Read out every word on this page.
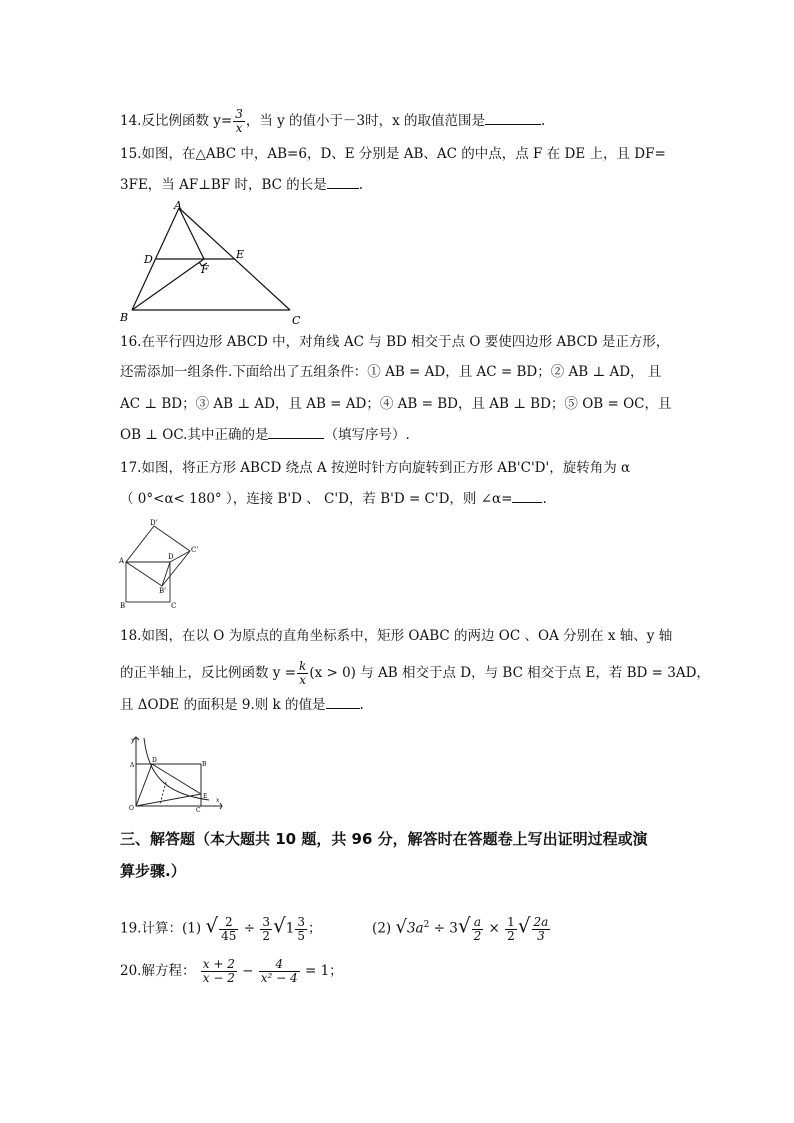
14.反比例函数 $y= \frac{3}{x}$ ，当 y 的值小于－3时，x 的取值范围是	.
15.如图，在△ABC 中，AB=6，D、E 分别是 AB、AC 的中点，点 F 在 DE 上，且 DF=
3FE，当 AF⊥BF 时，BC 的长是 .
A
D	E
F
B	C
16.在平行四边形 ABCD 中，对角线 AC 与 BD 相交于点 O 要使四边形 ABCD 是正方形，
还需添加一组条件.下面给出了五组条件：① AB = AD，且 AC = BD；② AB ⊥ AD， 且
AC ⊥ BD；③ AB ⊥ AD，且 AB = AD；④ AB = BD，且 AB ⊥ BD；⑤ OB = OC，且
OB ⊥ OC.其中正确的是	（填写序号）.
17.如图，将正方形 ABCD 绕点 A 按逆时针方向旋转到正方形 AB'C'D'，旋转角为 α
（ 0°<α< 180° ），连接 B'D 、 C'D，若 B'D = C'D，则 ∠α= .
D'
A	D
C'
B'
B	C
18.如图，在以 O 为原点的直角坐标系中，矩形 OABC 的两边 OC 、OA 分别在 x 轴、y 轴
的正半轴上，反比例函数 $y = \frac{k}{x} (x > 0)$ 与 AB 相交于点 D，与 BC 相交于点 E，若 BD = 3AD，
且 ΔODE 的面积是 9.则 k 的值是	.
y
A
D
B
O	C
E
x
三、解答题（本大题共 10 题，共 96 分，解答时在答题卷上写出证明过程或演
算步骤.）
19.计算：(1) √ $\frac{2}{45} \div \frac{3}{2} √1 \frac{3}{5}$ ；	(2) $√3a^2 \div 3√ \frac{a}{2} \times \frac{1}{2}$ √ $\frac{2a}{3}$
20.解方程： $\frac{x + 2}{x - 2} - \frac{4}{\text{x² − 4}} = 1$；
